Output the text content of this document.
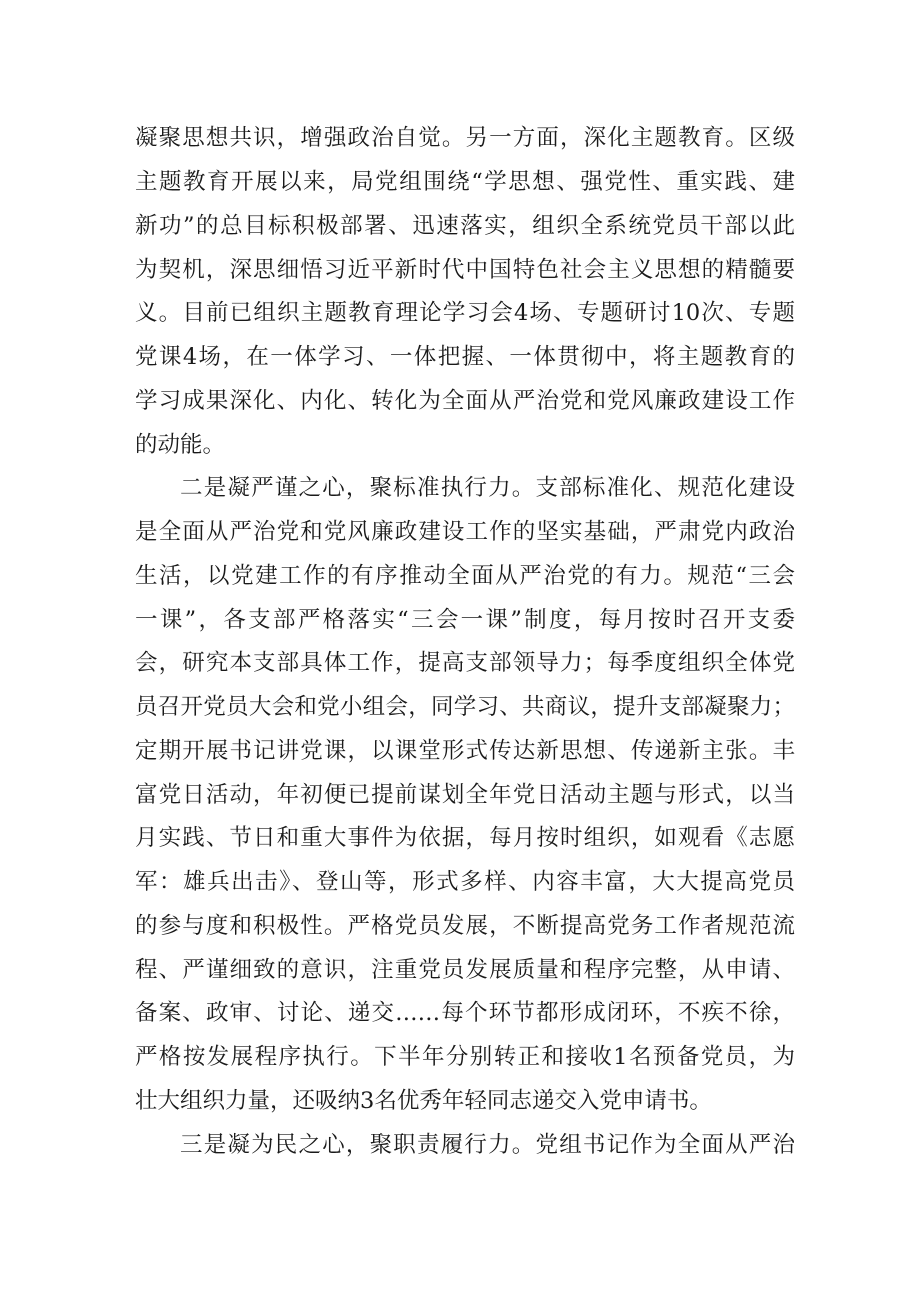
凝聚思想共识，增强政治自觉。另一方面，深化主题教育。区级
主题教育开展以来，局党组围绕“学思想、强党性、重实践、建
新功”的总目标积极部署、迅速落实，组织全系统党员干部以此
为契机，深思细悟习近平新时代中国特色社会主义思想的精髓要
义。目前已组织主题教育理论学习会4场、专题研讨10次、专题
党课4场，在一体学习、一体把握、一体贯彻中，将主题教育的
学习成果深化、内化、转化为全面从严治党和党风廉政建设工作
的动能。
二是凝严谨之心，聚标准执行力。支部标准化、规范化建设
是全面从严治党和党风廉政建设工作的坚实基础，严肃党内政治
生活，以党建工作的有序推动全面从严治党的有力。规范“三会
一课”，各支部严格落实“三会一课”制度，每月按时召开支委
会，研究本支部具体工作，提高支部领导力；每季度组织全体党
员召开党员大会和党小组会，同学习、共商议，提升支部凝聚力；
定期开展书记讲党课，以课堂形式传达新思想、传递新主张。丰
富党日活动，年初便已提前谋划全年党日活动主题与形式，以当
月实践、节日和重大事件为依据，每月按时组织，如观看《志愿
军：雄兵出击》、登山等，形式多样、内容丰富，大大提高党员
的参与度和积极性。严格党员发展，不断提高党务工作者规范流
程、严谨细致的意识，注重党员发展质量和程序完整，从申请、
备案、政审、讨论、递交……每个环节都形成闭环，不疾不徐，
严格按发展程序执行。下半年分别转正和接收1名预备党员，为
壮大组织力量，还吸纳3名优秀年轻同志递交入党申请书。
三是凝为民之心，聚职责履行力。党组书记作为全面从严治
